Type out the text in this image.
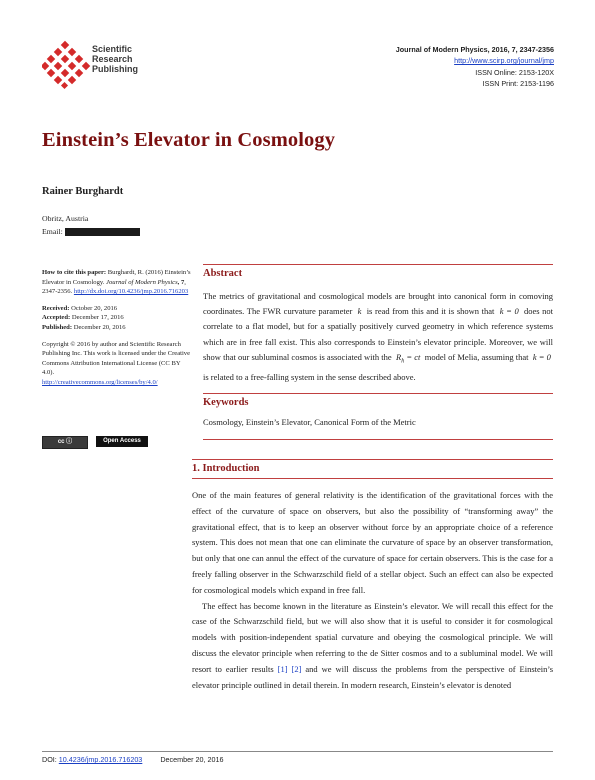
Scientific
Research
Publishing
Journal of Modern Physics, 2016, 7, 2347-2356
http://www.scirp.org/journal/jmp
ISSN Online: 2153-120X
ISSN Print: 2153-1196
Einstein’s Elevator in Cosmology
Rainer Burghardt
Obritz, Austria
Email:

How to cite this paper: Burghardt, R. (2016) Einstein’s Elevator in Cosmology. Journal of Modern Physics, 7, 2347-2356. http://dx.doi.org/10.4236/jmp.2016.716203

Received: October 20, 2016
Accepted: December 17, 2016
Published: December 20, 2016

Copyright © 2016 by author and Scientific Research Publishing Inc. This work is licensed under the Creative Commons Attribution International License (CC BY 4.0).
http://creativecommons.org/licenses/by/4.0/

cc ⓘ	Open Access
Abstract
The metrics of gravitational and cosmological models are brought into canonical form in comoving coordinates. The FWR curvature parameter k is read from this and it is shown that k = 0 does not correlate to a flat model, but for a spatially positively curved geometry in which reference systems which are in free fall exist. This also corresponds to Einstein’s elevator principle. Moreover, we will show that our subluminal cosmos is associated with the $R_h$ = ct model of Melia, assuming that k = 0  is related to a free-falling system in the sense described above.
Keywords
Cosmology, Einstein’s Elevator, Canonical Form of the Metric
1. Introduction

One of the main features of general relativity is the identification of the gravitational forces with the effect of the curvature of space on observers, but also the possibility of “transforming away” the gravitational effect, that is to keep an observer without force by an appropriate choice of a reference system. This does not mean that one can eliminate the curvature of space by an observer transformation, but only that one can annul the effect of the curvature of space for certain observers. This is the case for a freely falling observer in the Schwarzschild field of a stellar object. Such an effect can also be expected for cosmological models which expand in free fall.

The effect has become known in the literature as Einstein’s elevator. We will recall this effect for the case of the Schwarzschild field, but we will also show that it is useful to consider it for cosmological models with position-independent spatial curvature and obeying the cosmological principle. We will discuss the elevator principle when referring to the de Sitter cosmos and to a subluminal model. We will resort to earlier results [1] [2] and we will discuss the problems from the perspective of Einstein’s elevator principle outlined in detail therein. In modern research, Einstein’s elevator is denoted

DOI: 10.4236/jmp.2016.716203	December 20, 2016
